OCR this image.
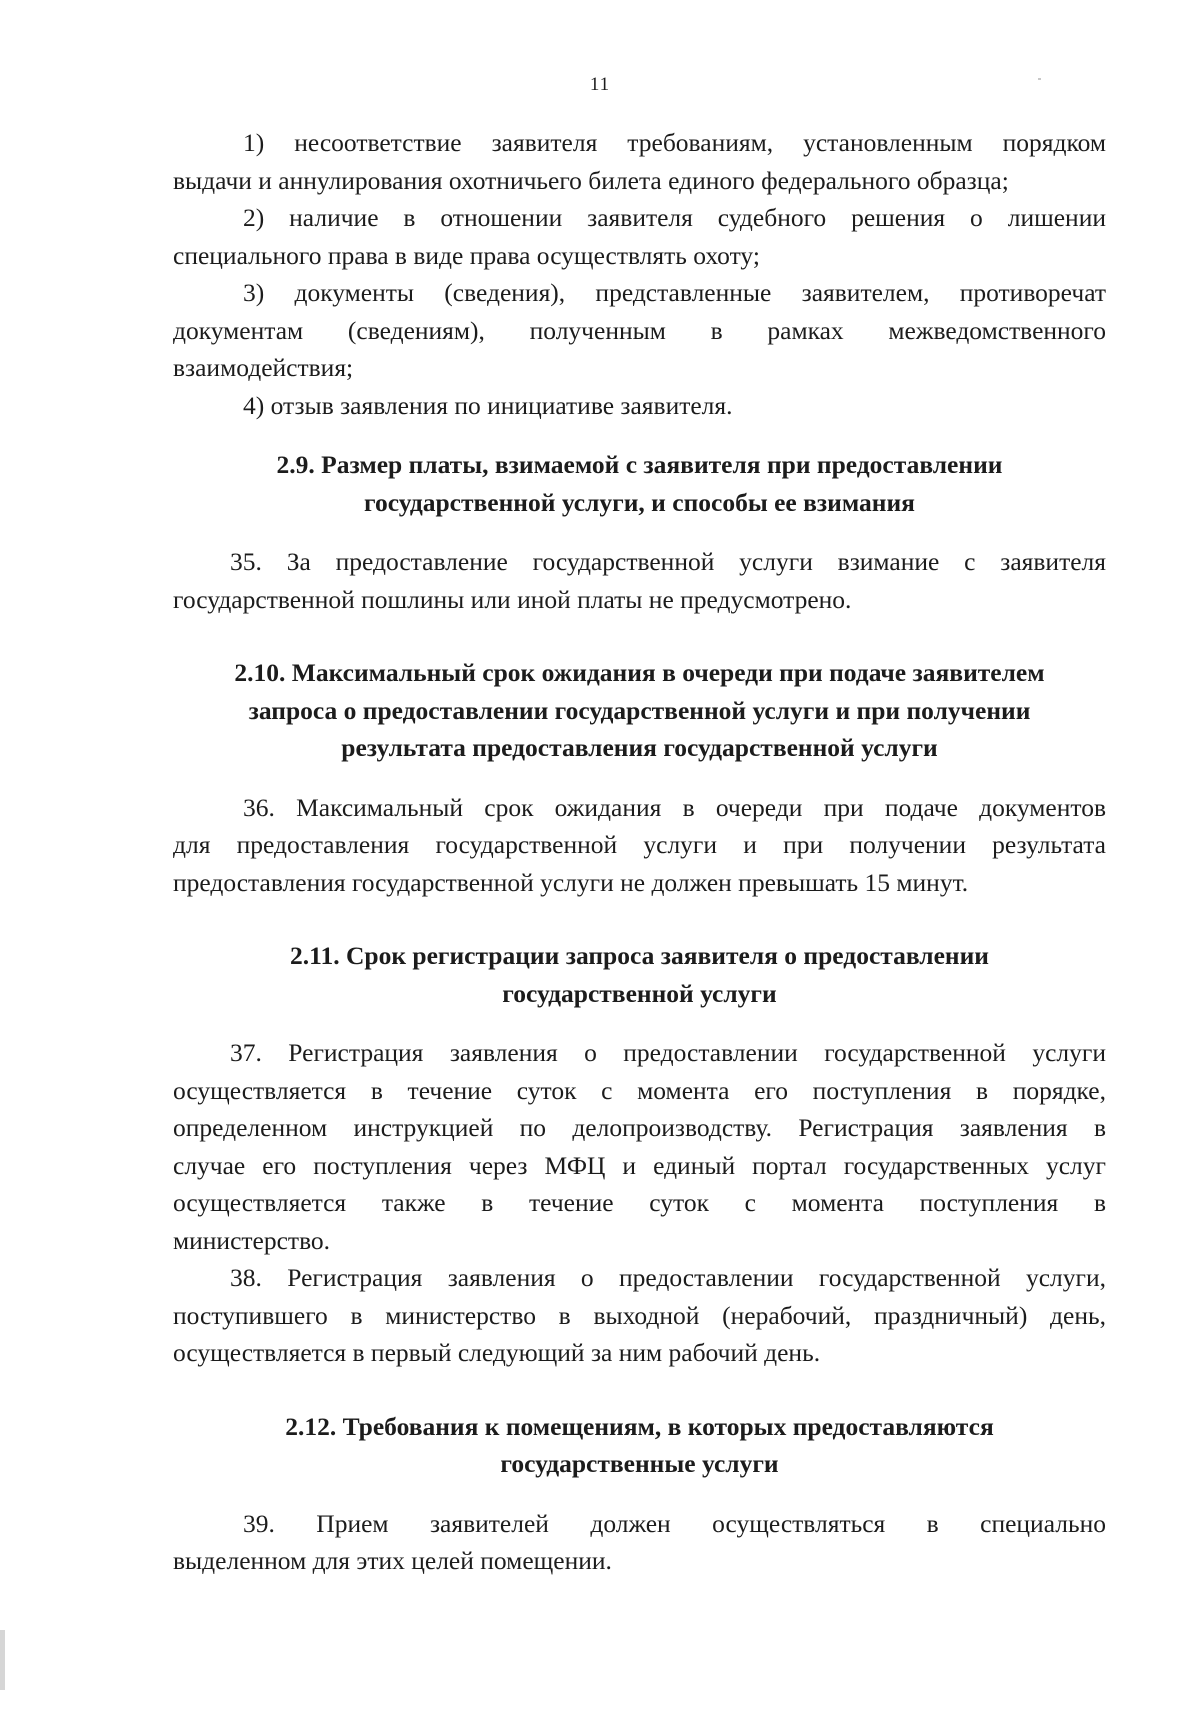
11
1) несоответствие заявителя требованиям, установленным порядком
выдачи и аннулирования охотничьего билета единого федерального образца;
2) наличие в отношении заявителя судебного решения о лишении
специального права в виде права осуществлять охоту;
3) документы (сведения), представленные заявителем, противоречат
документам (сведениям), полученным в рамках межведомственного
взаимодействия;
4) отзыв заявления по инициативе заявителя.
2.9. Размер платы, взимаемой с заявителя при предоставлении
государственной услуги, и способы ее взимания
35. За предоставление государственной услуги взимание с заявителя
государственной пошлины или иной платы не предусмотрено.
2.10. Максимальный срок ожидания в очереди при подаче заявителем
запроса о предоставлении государственной услуги и при получении
результата предоставления государственной услуги
36. Максимальный срок ожидания в очереди при подаче документов
для предоставления государственной услуги и при получении результата
предоставления государственной услуги не должен превышать 15 минут.
2.11. Срок регистрации запроса заявителя о предоставлении
государственной услуги
37. Регистрация заявления о предоставлении государственной услуги
осуществляется в течение суток с момента его поступления в порядке,
определенном инструкцией по делопроизводству. Регистрация заявления в
случае его поступления через МФЦ и единый портал государственных услуг
осуществляется также в течение суток с момента поступления в
министерство.
38. Регистрация заявления о предоставлении государственной услуги,
поступившего в министерство в выходной (нерабочий, праздничный) день,
осуществляется в первый следующий за ним рабочий день.
2.12. Требования к помещениям, в которых предоставляются
государственные услуги
39. Прием заявителей должен осуществляться в специально
выделенном для этих целей помещении.
